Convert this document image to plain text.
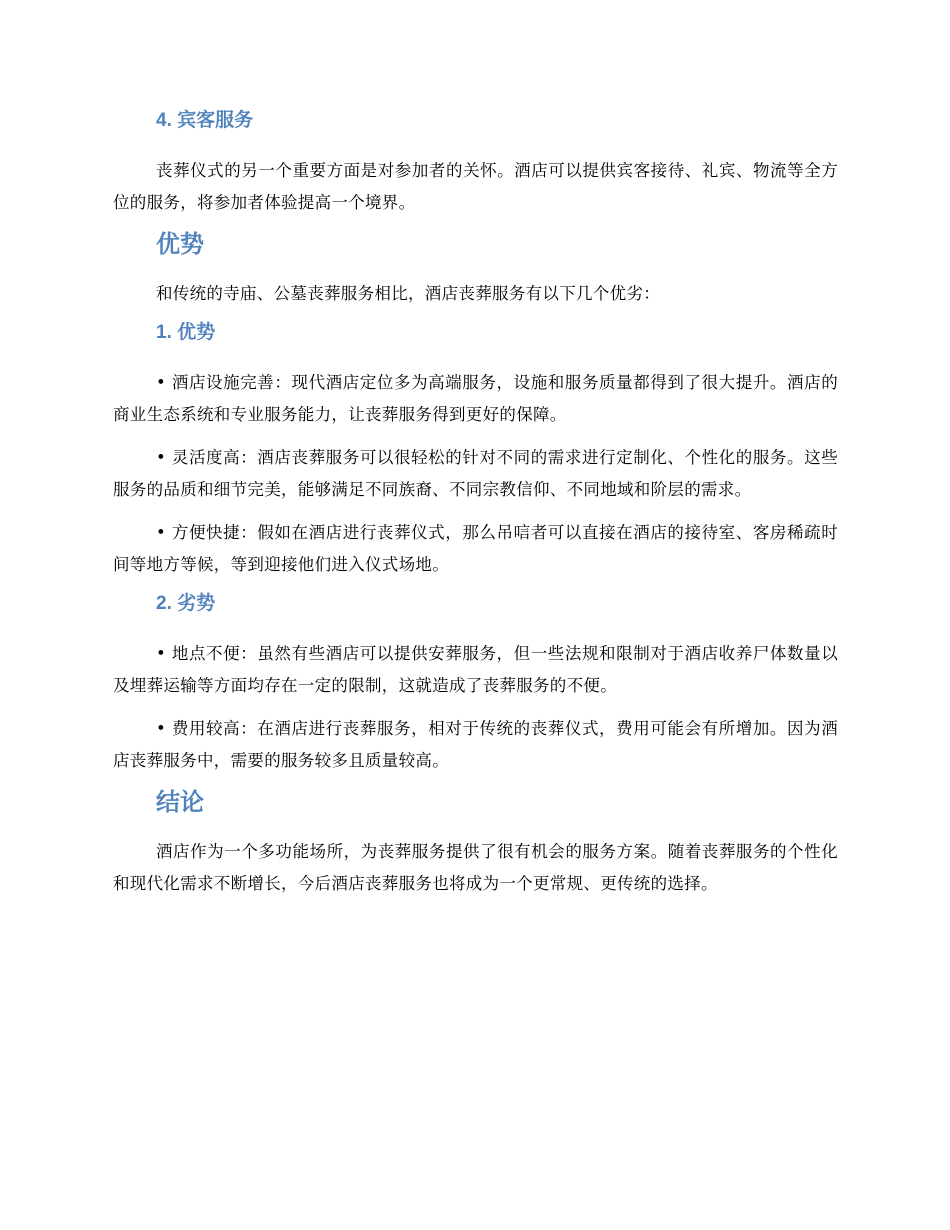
4. 宾客服务

丧葬仪式的另一个重要方面是对参加者的关怀。酒店可以提供宾客接待、礼宾、物流等全方位的服务，将参加者体验提高一个境界。

优势

和传统的寺庙、公墓丧葬服务相比，酒店丧葬服务有以下几个优劣：

1. 优势

• 酒店设施完善：现代酒店定位多为高端服务，设施和服务质量都得到了很大提升。酒店的商业生态系统和专业服务能力，让丧葬服务得到更好的保障。

• 灵活度高：酒店丧葬服务可以很轻松的针对不同的需求进行定制化、个性化的服务。这些服务的品质和细节完美，能够满足不同族裔、不同宗教信仰、不同地域和阶层的需求。

• 方便快捷：假如在酒店进行丧葬仪式，那么吊唁者可以直接在酒店的接待室、客房稀疏时间等地方等候，等到迎接他们进入仪式场地。

2. 劣势

• 地点不便：虽然有些酒店可以提供安葬服务，但一些法规和限制对于酒店收养尸体数量以及埋葬运输等方面均存在一定的限制，这就造成了丧葬服务的不便。

• 费用较高：在酒店进行丧葬服务，相对于传统的丧葬仪式，费用可能会有所增加。因为酒店丧葬服务中，需要的服务较多且质量较高。

结论

酒店作为一个多功能场所，为丧葬服务提供了很有机会的服务方案。随着丧葬服务的个性化和现代化需求不断增长，今后酒店丧葬服务也将成为一个更常规、更传统的选择。
